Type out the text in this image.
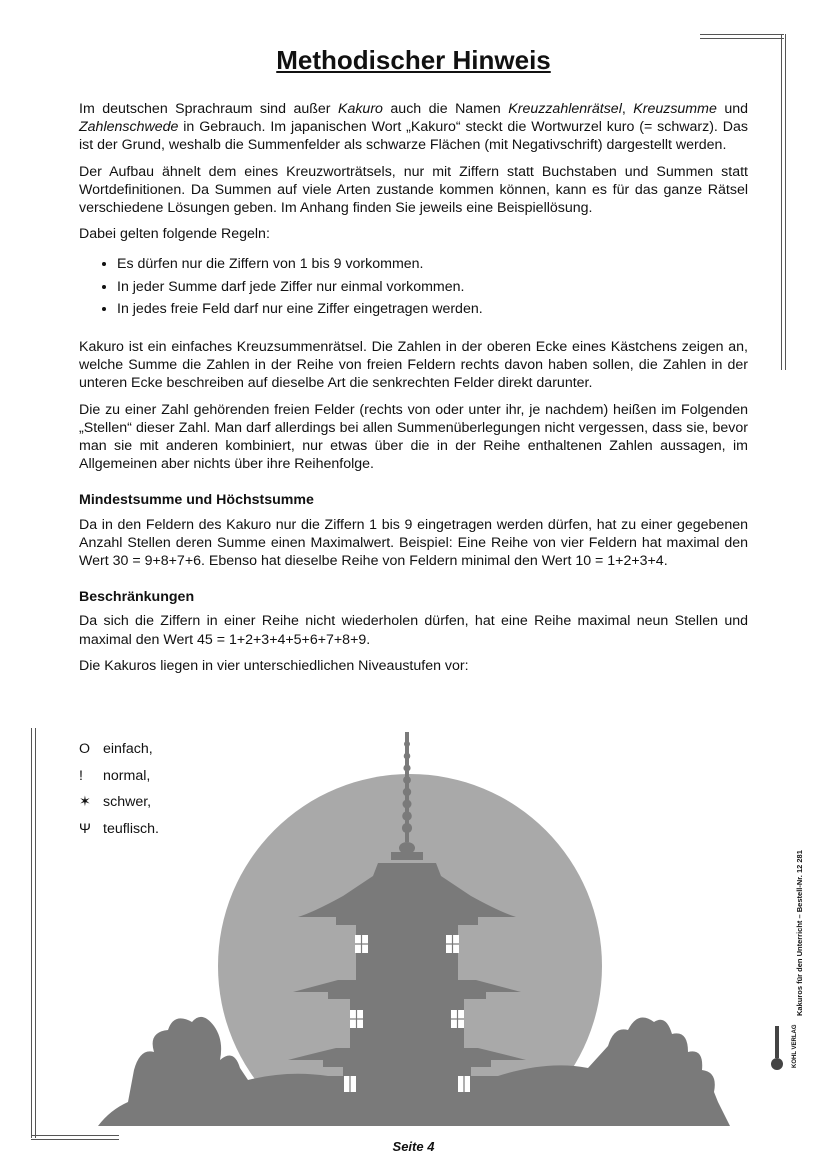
Methodischer Hinweis

Im deutschen Sprachraum sind außer Kakuro auch die Namen Kreuzzahlenrätsel, Kreuzsumme und Zahlenschwede in Gebrauch. Im japanischen Wort „Kakuro“ steckt die Wortwurzel kuro (= schwarz). Das ist der Grund, weshalb die Summenfelder als schwarze Flächen (mit Negativschrift) dargestellt werden.

Der Aufbau ähnelt dem eines Kreuzworträtsels, nur mit Ziffern statt Buchstaben und Summen statt Wortdefinitionen. Da Summen auf viele Arten zustande kommen können, kann es für das ganze Rätsel verschiedene Lösungen geben. Im Anhang finden Sie jeweils eine Beispiellösung.

Dabei gelten folgende Regeln:

• Es dürfen nur die Ziffern von 1 bis 9 vorkommen.
• In jeder Summe darf jede Ziffer nur einmal vorkommen.
• In jedes freie Feld darf nur eine Ziffer eingetragen werden.

Kakuro ist ein einfaches Kreuzsummenrätsel. Die Zahlen in der oberen Ecke eines Kästchens zeigen an, welche Summe die Zahlen in der Reihe von freien Feldern rechts davon haben sollen, die Zahlen in der unteren Ecke beschreiben auf dieselbe Art die senkrechten Felder direkt darunter.

Die zu einer Zahl gehörenden freien Felder (rechts von oder unter ihr, je nachdem) heißen im Folgenden „Stellen“ dieser Zahl. Man darf allerdings bei allen Summenüberlegungen nicht vergessen, dass sie, bevor man sie mit anderen kombiniert, nur etwas über die in der Reihe enthaltenen Zahlen aussagen, im Allgemeinen aber nichts über ihre Reihenfolge.

Mindestsumme und Höchstsumme

Da in den Feldern des Kakuro nur die Ziffern 1 bis 9 eingetragen werden dürfen, hat zu einer gegebenen Anzahl Stellen deren Summe einen Maximalwert. Beispiel: Eine Reihe von vier Feldern hat maximal den Wert 30 = 9+8+7+6. Ebenso hat dieselbe Reihe von Feldern minimal den Wert 10 = 1+2+3+4.

Beschränkungen

Da sich die Ziffern in einer Reihe nicht wiederholen dürfen, hat eine Reihe maximal neun Stellen und maximal den Wert 45 = 1+2+3+4+5+6+7+8+9.

Die Kakuros liegen in vier unterschiedlichen Niveaustufen vor:

O einfach,
!	normal,
✶ schwer,
Ψ teuflisch.
Kakuros für den Unterricht – Bestell-Nr. 12 281
KOHL VERLAG
Seite 4
